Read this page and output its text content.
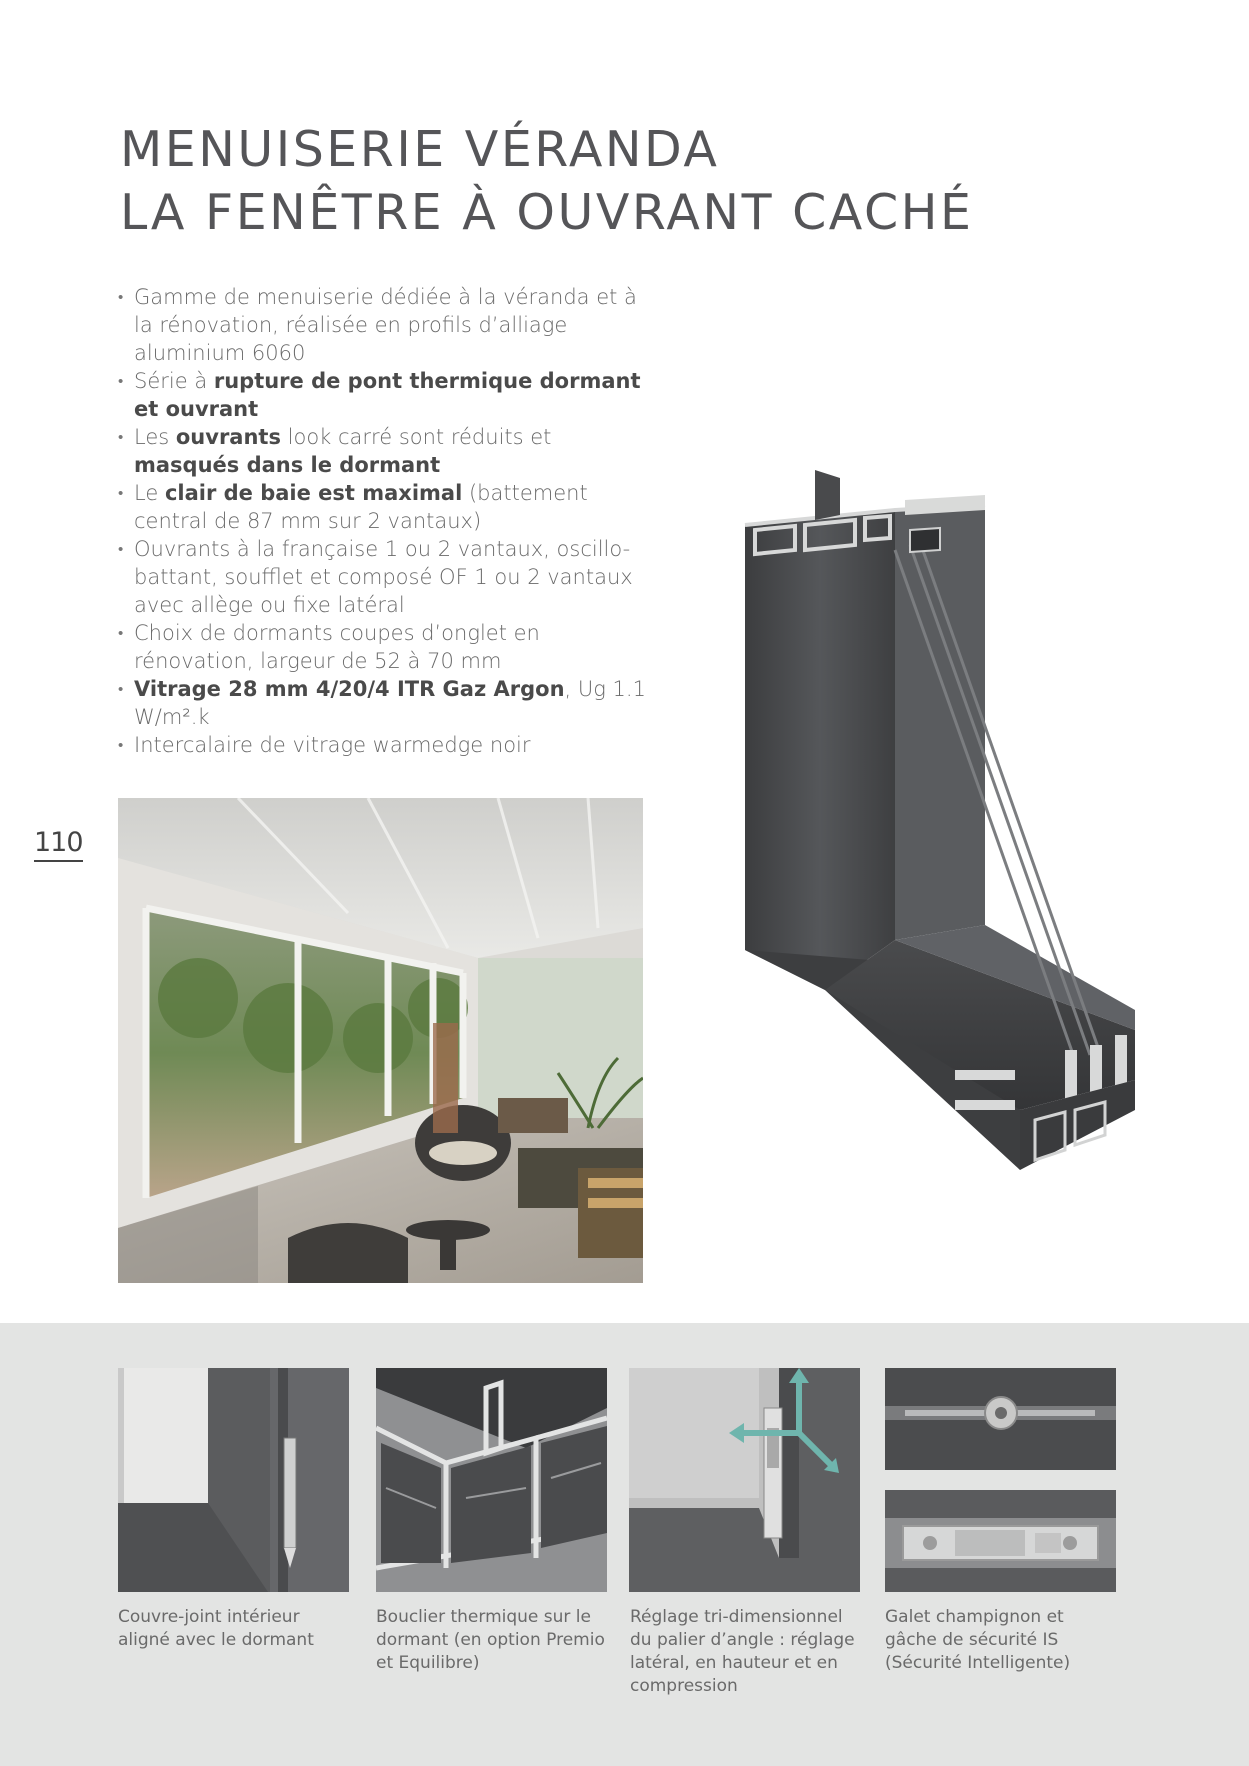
MENUISERIE VÉRANDA
LA FENÊTRE À OUVRANT CACHÉ
• Gamme de menuiserie dédiée à la véranda et à la rénovation, réalisée en profils d’alliage aluminium 6060
• Série à rupture de pont thermique dormant et ouvrant
• Les ouvrants look carré sont réduits et masqués dans le dormant
• Le clair de baie est maximal (battement central de 87 mm sur 2 vantaux)
• Ouvrants à la française 1 ou 2 vantaux, oscillo-battant, soufflet et composé OF 1 ou 2 vantaux avec allège ou fixe latéral
• Choix de dormants coupes d’onglet en rénovation, largeur de 52 à 70 mm
• Vitrage 28 mm 4/20/4 ITR Gaz Argon, Ug 1.1 W/m².k
• Intercalaire de vitrage warmedge noir
110

Couvre-joint intérieur aligné avec le dormant

Bouclier thermique sur le dormant (en option Premio et Equilibre)

Réglage tri-dimensionnel du palier d’angle : réglage latéral, en hauteur et en compression

Galet champignon et gâche de sécurité IS (Sécurité Intelligente)
